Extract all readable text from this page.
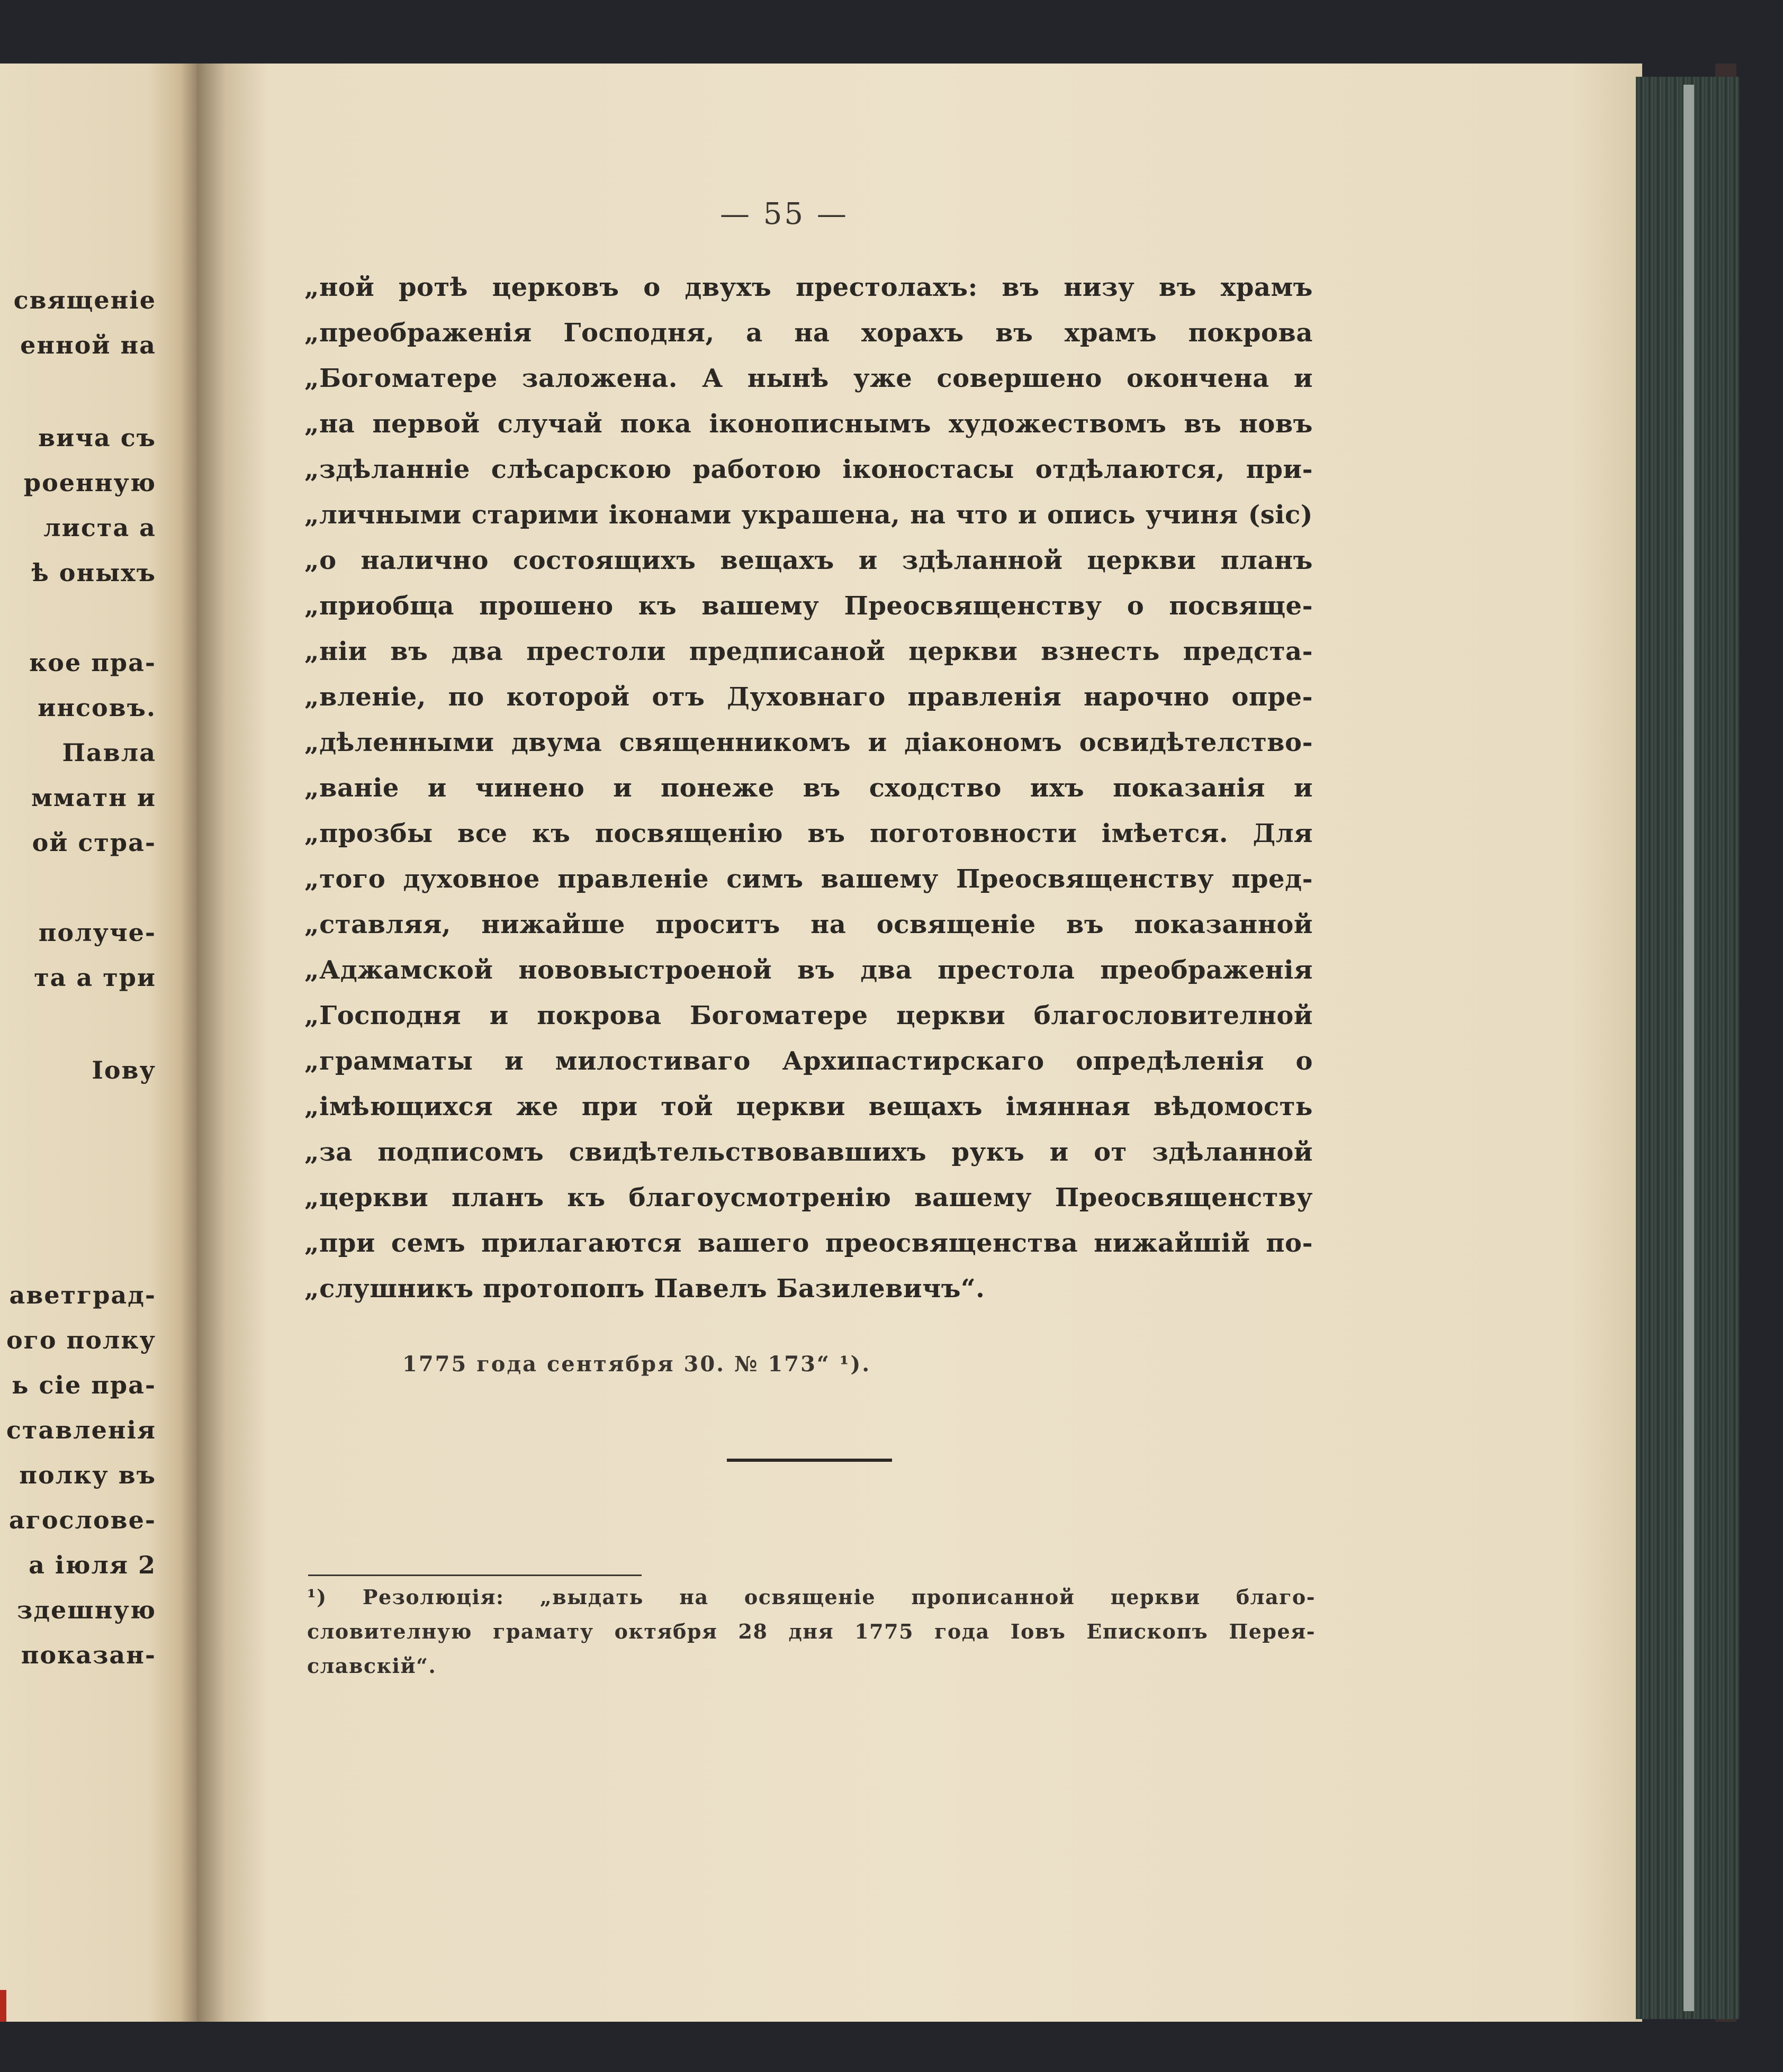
священіе
енной на
вича съ
роенную
листа а
ѣ оныхъ
кое пра-
инсовъ.
Павла
мматн и
ой стра-
получе-
та а три
Іову
аветград-
ого полку
ь сіе пра-
ставленія
полку въ
агослове-
а іюля 2
здешную
показан-
— 55 —
„ной ротѣ церковъ о двухъ престолахъ: въ низу въ храмъ
„преображенія Господня, а на хорахъ въ храмъ покрова
„Богоматере заложена. А нынѣ уже совершено окончена и
„на первой случай пока іконописнымъ художествомъ въ новъ
„здѣланніе слѣсарскою работою іконостасы отдѣлаются, при-
„личными старими іконами украшена, на что и опись учиня (sic)
„о налично состоящихъ вещахъ и здѣланной церкви планъ
„приобща прошено къ вашему Преосвященству о посвяще-
„ніи въ два престоли предписаной церкви взнесть предста-
„вленіе, по которой отъ Духовнаго правленія нарочно опре-
„дѣленными двума священникомъ и діакономъ освидѣтелство-
„ваніе и чинено и понеже въ сходство ихъ показанія и
„прозбы все къ посвященію въ поготовности імѣется. Для
„того духовное правленіе симъ вашему Преосвященству пред-
„ставляя, нижайше проситъ на освященіе въ показанной
„Аджамской нововыстроеной въ два престола преображенія
„Господня и покрова Богоматере церкви благословителной
„грамматы и милостиваго Архипастирскаго опредѣленія о
„імѣющихся же при той церкви вещахъ імянная вѣдомость
„за подписомъ свидѣтельствовавшихъ рукъ и от здѣланной
„церкви планъ къ благоусмотренію вашему Преосвященству
„при семъ прилагаются вашего преосвященства нижайшій по-
„слушникъ протопопъ Павелъ Базилевичъ“.
1775 года сентября 30. № 173“ ¹).
¹) Резолюція: „выдать на освященіе прописанной церкви благо-
словителную грамату октября 28 дня 1775 года Іовъ Епископъ Перея-
славскій“.
